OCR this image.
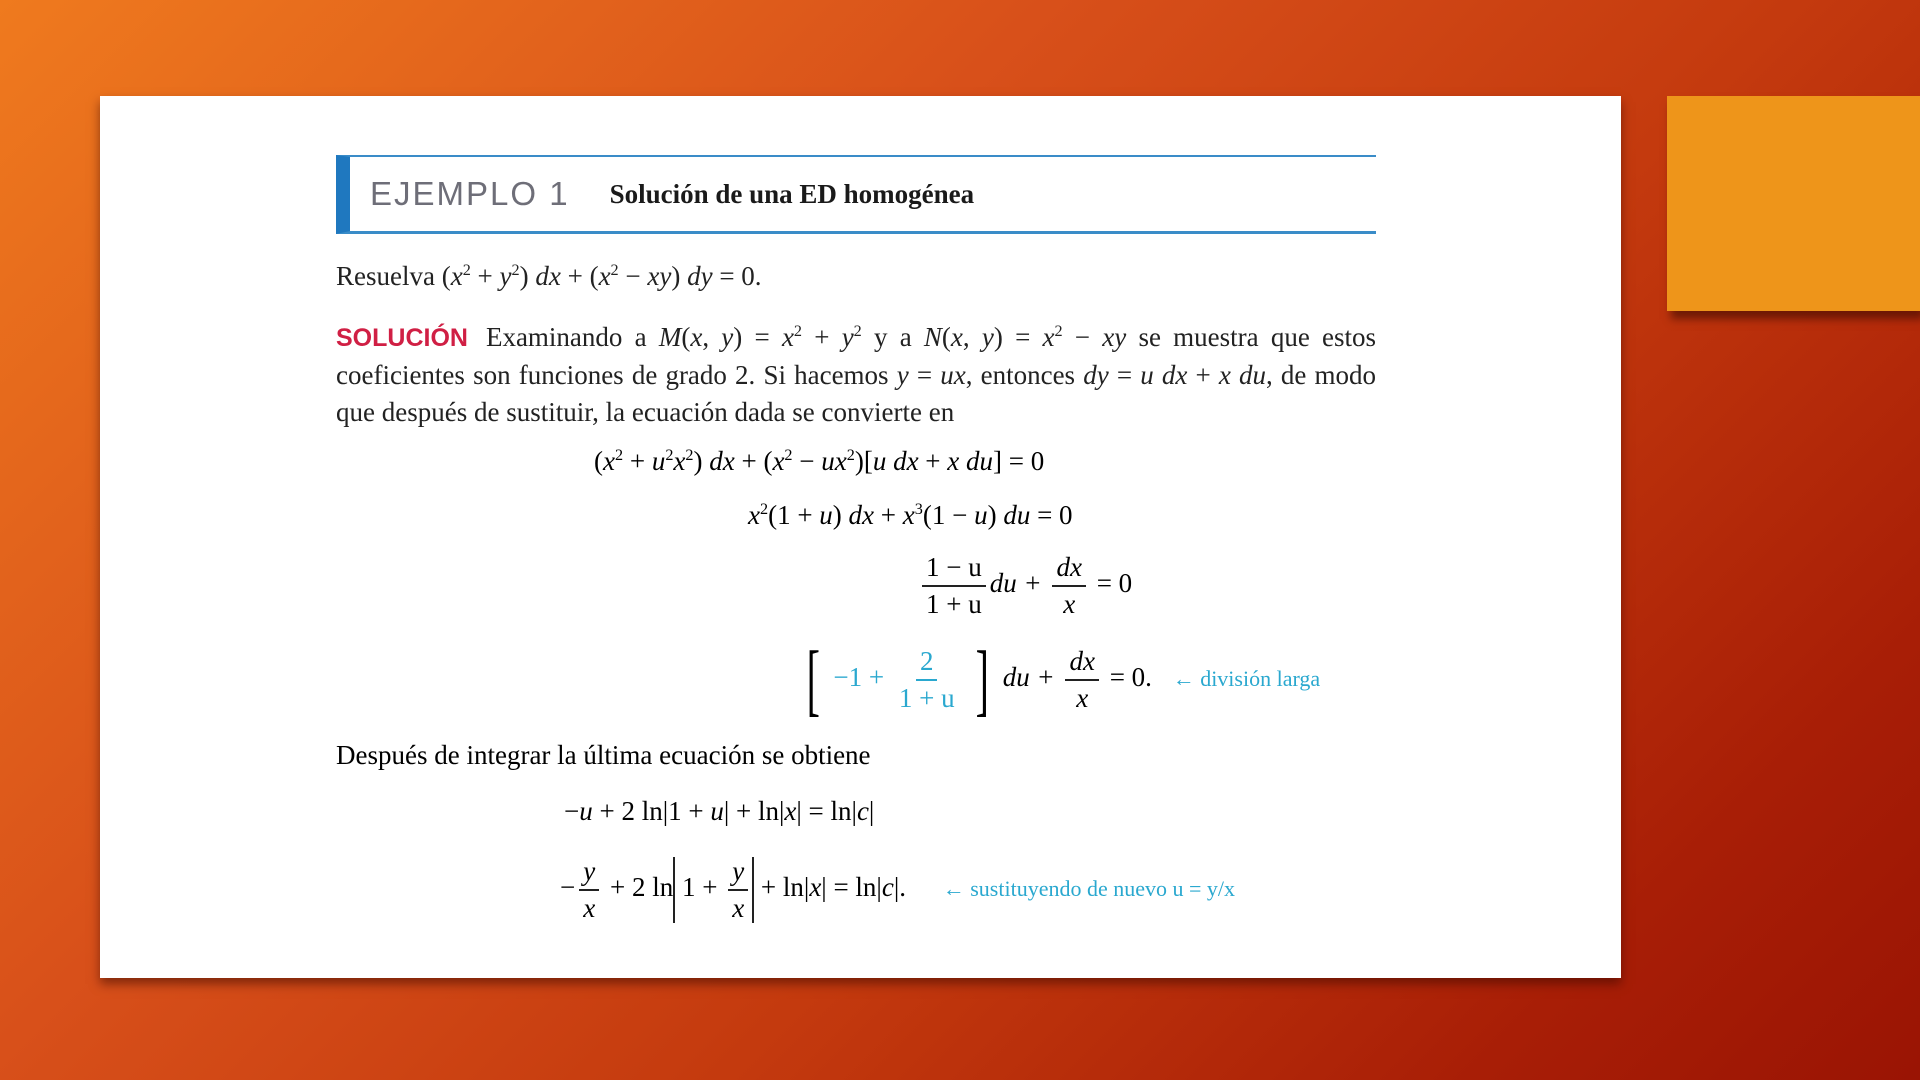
EJEMPLO 1 Solución de una ED homogénea
Resuelva $(x^2 + y^2)$ dx + $(x^2 - xy)$ dy = 0.
SOLUCIÓN Examinando a M(x, $y) = x^2 + y^2$ y a N(x, $y) = x^2$ − xy se muestra que estos coeficientes son funciones de grado 2. Si hacemos y = ux, entonces dy = u dx + x du, de modo que después de sustituir, la ecuación dada se convierte en
$(x^2 + u^2x^2)$ dx + $(x^2 - ux^2)[u$ dx + x du] = 0
$x^2(1 + u)$ dx + $x^3(1 - u)$ du = 0
$\frac{1 - u}{1 + u}$ du + $\frac{dx}{x} = 0$
[ $-1 + \frac{2}{1 + u}$ ] du + $\frac{dx}{x} = 0$. ← división larga
Después de integrar la última ecuación se obtiene
−u + 2 ln|1 + u| + ln|x| = ln|c|
− $\frac{y}{x} + 2$ $\ln 1 + \frac{y}{x} + \ln|x| = \ln|c|$. ← sustituyendo de nuevo u = y/x
